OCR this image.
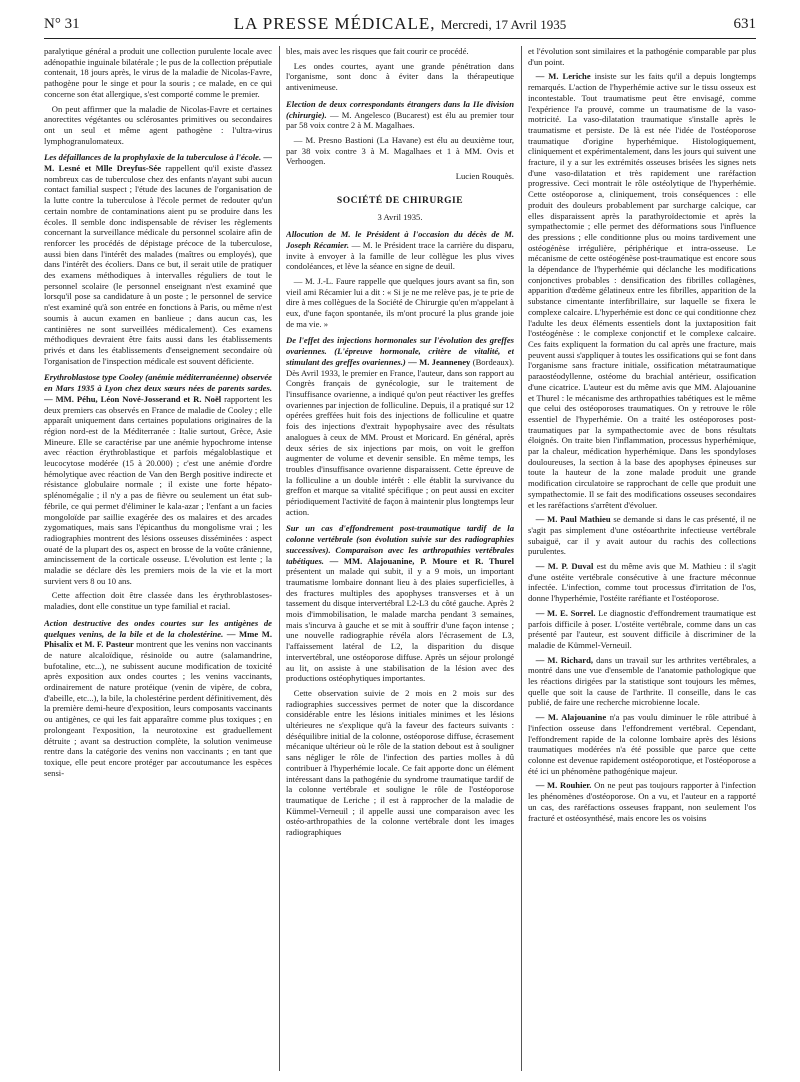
N° 31	LA PRESSE MÉDICALE, Mercredi, 17 Avril 1935	631

paralytique général a produit une collection purulente locale avec adénopathie inguinale bilatérale ; le pus de la collection préputiale contenait, 18 jours après, le virus de la maladie de Nicolas-Favre, pathogène pour le singe et pour la souris ; ce malade, en ce qui concerne son état allergique, s'est comporté comme le premier.

On peut affirmer que la maladie de Nicolas-Favre et certaines anorectites végétantes ou sclérosantes primitives ou secondaires ont un seul et même agent pathogène : l'ultra-virus lymphogranulomateux.

Les défaillances de la prophylaxie de la tuberculose à l'école. — M. Lesné et Mlle Dreyfus-Sée rappellent qu'il existe d'assez nombreux cas de tuberculose chez des enfants n'ayant subi aucun contact familial suspect ; l'étude des lacunes de l'organisation de la lutte contre la tuberculose à l'école permet de redouter qu'un certain nombre de contaminations aient pu se produire dans les écoles. Il semble donc indispensable de réviser les règlements concernant la surveillance médicale du personnel scolaire afin de renforcer les procédés de dépistage précoce de la tuberculose, aussi bien dans l'intérêt des malades (maîtres ou employés), que dans l'intérêt des écoliers. Dans ce but, il serait utile de pratiquer des examens méthodiques à intervalles réguliers de tout le personnel scolaire (le personnel enseignant n'est examiné que lorsqu'il pose sa candidature à un poste ; le personnel de service n'est examiné qu'à son entrée en fonctions à Paris, ou même n'est soumis à aucun examen en banlieue ; dans aucun cas, les cantinières ne sont surveillées médicalement). Ces examens méthodiques devraient être faits aussi dans les établissements privés et dans les établissements d'enseignement secondaire où l'organisation de l'inspection médicale est souvent déficiente.

Erythroblastose type Cooley (anémie méditerranéenne) observée en Mars 1935 à Lyon chez deux sœurs nées de parents sardes. — MM. Péhu, Léon Nové-Josserand et R. Noël rapportent les deux premiers cas observés en France de maladie de Cooley ; elle apparaît uniquement dans certaines populations originaires de la région nord-est de la Méditerranée : Italie surtout, Grèce, Asie Mineure. Elle se caractérise par une anémie hypochrome intense avec réaction érythroblastique et parfois mégaloblastique et leucocytose modérée (15 à 20.000) ; c'est une anémie d'ordre hémolytique avec réaction de Van den Bergh positive indirecte et résistance globulaire normale ; il existe une forte hépato-splénomégalie ; il n'y a pas de fièvre ou seulement un état sub-fébrile, ce qui permet d'éliminer le kala-azar ; l'enfant a un facies mongoloïde par saillie exagérée des os malaires et des arcades zygomatiques, mais sans l'épicanthus du mongolisme vrai ; les radiographies montrent des lésions osseuses disséminées : aspect ouaté de la plupart des os, aspect en brosse de la voûte crânienne, amincissement de la corticale osseuse. L'évolution est lente ; la maladie se déclare dès les premiers mois de la vie et la mort survient vers 8 ou 10 ans.

Cette affection doit être classée dans les érythroblastoses-maladies, dont elle constitue un type familial et racial.

Action destructive des ondes courtes sur les antigènes de quelques venins, de la bile et de la cholestérine. — Mme M. Phisalix et M. F. Pasteur montrent que les venins non vaccinants de nature alcaloïdique, résinoïde ou autre (salamandrine, bufotaline, etc...), ne subissent aucune modification de toxicité après exposition aux ondes courtes ; les venins vaccinants, ordinairement de nature protéique (venin de vipère, de cobra, d'abeille, etc...), la bile, la cholestérine perdent définitivement, dès la première demi-heure d'exposition, leurs composants vaccinants ou antigènes, ce qui les fait apparaître comme plus toxiques ; en prolongeant l'exposition, la neurotoxine est graduellement détruite ; avant sa destruction complète, la solution venimeuse rentre dans la catégorie des venins non vaccinants ; en tant que toxique, elle peut encore protéger par accoutumance les espèces sensi-

bles, mais avec les risques que fait courir ce procédé.

Les ondes courtes, ayant une grande pénétration dans l'organisme, sont donc à éviter dans la thérapeutique antivenimeuse.

Election de deux correspondants étrangers dans la IIe division (chirurgie). — M. Angelesco (Bucarest) est élu au premier tour par 58 voix contre 2 à M. Magalhaes.

— M. Presno Bastioni (La Havane) est élu au deuxième tour, par 38 voix contre 3 à M. Magalhaes et 1 à MM. Ovis et Verhoogen.

Lucien Rouquès.

SOCIÉTÉ DE CHIRURGIE

3 Avril 1935.

Allocution de M. le Président à l'occasion du décès de M. Joseph Récamier. — M. le Président trace la carrière du disparu, invite à envoyer à la famille de leur collègue les plus vives condoléances, et lève la séance en signe de deuil.

— M. J.-L. Faure rappelle que quelques jours avant sa fin, son vieil ami Récamier lui a dit : « Si je ne me relève pas, je te prie de dire à mes collègues de la Société de Chirurgie qu'en m'appelant à eux, d'une façon spontanée, ils m'ont procuré la plus grande joie de ma vie. »

De l'effet des injections hormonales sur l'évolution des greffes ovariennes. (L'épreuve hormonale, critère de vitalité, et stimulant des greffes ovariennes.) — M. Jeanneney (Bordeaux). Dès Avril 1933, le premier en France, l'auteur, dans son rapport au Congrès français de gynécologie, sur le traitement de l'insuffisance ovarienne, a indiqué qu'on peut réactiver les greffes ovariennes par injection de folliculine. Depuis, il a pratiqué sur 12 opérées greffées huit fois des injections de folliculine et quatre fois des injections d'extrait hypophysaire avec des résultats analogues à ceux de MM. Proust et Moricard. En général, après deux séries de six injections par mois, on voit le greffon augmenter de volume et devenir sensible. En même temps, les troubles d'insuffisance ovarienne disparaissent. Cette épreuve de la folliculine a un double intérêt : elle établit la survivance du greffon et marque sa vitalité spécifique ; on peut aussi en exciter périodiquement l'activité de façon à maintenir plus longtemps leur action.

Sur un cas d'effondrement post-traumatique tardif de la colonne vertébrale (son évolution suivie sur des radiographies successives). Comparaison avec les arthropathies vertébrales tabétiques. — MM. Alajouanine, P. Moure et R. Thurel présentent un malade qui subit, il y a 9 mois, un important traumatisme lombaire donnant lieu à des plaies superficielles, à des fractures multiples des apophyses transverses et à un tassement du disque intervertébral L2-L3 du côté gauche. Après 2 mois d'immobilisation, le malade marcha pendant 3 semaines, mais s'incurva à gauche et se mit à souffrir d'une façon intense ; une nouvelle radiographie révéla alors l'écrasement de L3, l'affaissement latéral de L2, la disparition du disque intervertébral, une ostéoporose diffuse. Après un séjour prolongé au lit, on assiste à une stabilisation de la lésion avec des productions ostéophytiques importantes.

Cette observation suivie de 2 mois en 2 mois sur des radiographies successives permet de noter que la discordance considérable entre les lésions initiales minimes et les lésions ultérieures ne s'explique qu'à la faveur des facteurs suivants : déséquilibre initial de la colonne, ostéoporose diffuse, écrasement mécanique ultérieur où le rôle de la station debout est à souligner sans négliger le rôle de l'infection des parties molles à dû contribuer à l'hyperhémie locale. Ce fait apporte donc un élément intéressant dans la pathogénie du syndrome traumatique tardif de la colonne vertébrale et souligne le rôle de l'ostéoporose traumatique de Leriche ; il est à rapprocher de la maladie de Kümmel-Verneuil ; il appelle aussi une comparaison avec les ostéo-arthropathies de la colonne vertébrale dont les images radiographiques

et l'évolution sont similaires et la pathogénie comparable par plus d'un point.

— M. Leriche insiste sur les faits qu'il a depuis longtemps remarqués. L'action de l'hyperhémie active sur le tissu osseux est incontestable. Tout traumatisme peut être envisagé, comme l'expérience l'a prouvé, comme un traumatisme de la vaso-motricité. La vaso-dilatation traumatique s'installe après le traumatisme et persiste. De là est née l'idée de l'ostéoporose traumatique d'origine hyperhémique. Histologiquement, cliniquement et expérimentalement, dans les jours qui suivent une fracture, il y a sur les extrémités osseuses brisées les signes nets d'une vaso-dilatation et très rapidement une raréfaction progressive. Ceci montrait le rôle ostéolytique de l'hyperhémie. Cette ostéoporose a, cliniquement, trois conséquences : elle produit des douleurs probablement par surcharge calcique, car elles disparaissent après la parathyroïdectomie et après la sympathectomie ; elle permet des déformations sous l'influence des pressions ; elle conditionne plus ou moins tardivement une ostéogénèse irrégulière, périphérique et intra-osseuse. Le mécanisme de cette ostéogénèse post-traumatique est encore sous la dépendance de l'hyperhémie qui déclanche les modifications conjonctives probables : densification des fibrilles collagènes, apparition d'œdème gélatineux entre les fibrilles, apparition de la substance cimentante interfibrillaire, sur laquelle se fixera le complexe calcaire. L'hyperhémie est donc ce qui conditionne chez l'adulte les deux éléments essentiels dont la juxtaposition fait l'ostéogénèse : le complexe conjonctif et le complexe calcaire. Ces faits expliquent la formation du cal après une fracture, mais peuvent aussi s'appliquer à toutes les ossifications qui se font dans l'organisme sans fracture initiale, ossification métatraumatique paraostéodyllenne, ostéome du brachial antérieur, ossification d'une cicatrice. L'auteur est du même avis que MM. Alajouanine et Thurel : le mécanisme des arthropathies tabétiques est le même que celui des ostéoporoses traumatiques. On y retrouve le rôle essentiel de l'hyperhémie. On a traité les ostéoporoses post-traumatiques par la sympathectomie avec de bons résultats éloignés. On traite bien l'inflammation, processus hyperhémique, par la chaleur, médication hyperhémique. Dans les spondyloses douloureuses, la section à la base des apophyses épineuses sur toute la hauteur de la zone malade produit une grande modification circulatoire se rapprochant de celle que produit une sympathectomie. Il se fait des modifications osseuses secondaires et les raréfactions s'arrêtent d'évoluer.

— M. Paul Mathieu se demande si dans le cas présenté, il ne s'agit pas simplement d'une ostéoarthrite infectieuse vertébrale subaiguë, car il y avait autour du rachis des collections purulentes.

— M. P. Duval est du même avis que M. Mathieu : il s'agit d'une ostéite vertébrale consécutive à une fracture méconnue infectée. L'infection, comme tout processus d'irritation de l'os, donne l'hyperhémie, l'ostéite raréfiante et l'ostéoporose.

— M. E. Sorrel. Le diagnostic d'effondrement traumatique est parfois difficile à poser. L'ostéite vertébrale, comme dans un cas présenté par l'auteur, est souvent difficile à discriminer de la maladie de Kümmel-Verneuil.

— M. Richard, dans un travail sur les arthrites vertébrales, a montré dans une vue d'ensemble de l'anatomie pathologique que les réactions dirigées par la statistique sont toujours les mêmes, quelle que soit la cause de l'arthrite. Il conseille, dans le cas publié, de faire une recherche microbienne locale.

— M. Alajouanine n'a pas voulu diminuer le rôle attribué à l'infection osseuse dans l'effondrement vertébral. Cependant, l'effondrement rapide de la colonne lombaire après des lésions traumatiques modérées n'a été possible que parce que cette colonne est devenue rapidement ostéoporotique, et l'ostéoporose a été ici un phénomène pathogénique majeur.

— M. Rouhier. On ne peut pas toujours rapporter à l'infection les phénomènes d'ostéoporose. On a vu, et l'auteur en a rapporté un cas, des raréfactions osseuses frappant, non seulement l'os fracturé et ostéosynthésé, mais encore les os voisins
